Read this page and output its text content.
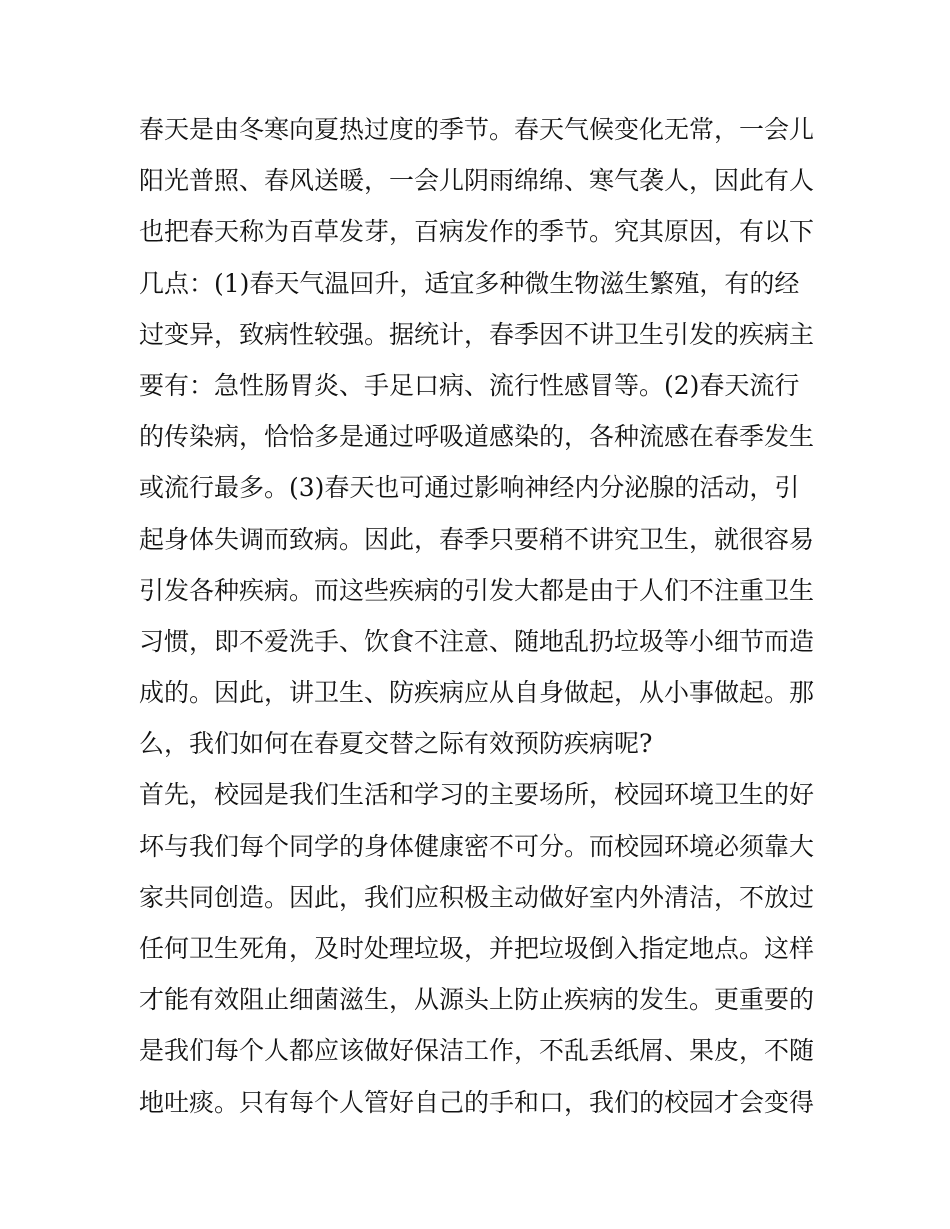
春天是由冬寒向夏热过度的季节。春天气候变化无常，一会儿
阳光普照、春风送暖，一会儿阴雨绵绵、寒气袭人，因此有人
也把春天称为百草发芽，百病发作的季节。究其原因，有以下
几点：(1)春天气温回升，适宜多种微生物滋生繁殖，有的经
过变异，致病性较强。据统计，春季因不讲卫生引发的疾病主
要有：急性肠胃炎、手足口病、流行性感冒等。(2)春天流行
的传染病，恰恰多是通过呼吸道感染的，各种流感在春季发生
或流行最多。(3)春天也可通过影响神经内分泌腺的活动，引
起身体失调而致病。因此，春季只要稍不讲究卫生，就很容易
引发各种疾病。而这些疾病的引发大都是由于人们不注重卫生
习惯，即不爱洗手、饮食不注意、随地乱扔垃圾等小细节而造
成的。因此，讲卫生、防疾病应从自身做起，从小事做起。那
么，我们如何在春夏交替之际有效预防疾病呢?
首先，校园是我们生活和学习的主要场所，校园环境卫生的好
坏与我们每个同学的身体健康密不可分。而校园环境必须靠大
家共同创造。因此，我们应积极主动做好室内外清洁，不放过
任何卫生死角，及时处理垃圾，并把垃圾倒入指定地点。这样
才能有效阻止细菌滋生，从源头上防止疾病的发生。更重要的
是我们每个人都应该做好保洁工作，不乱丢纸屑、果皮，不随
地吐痰。只有每个人管好自己的手和口，我们的校园才会变得
